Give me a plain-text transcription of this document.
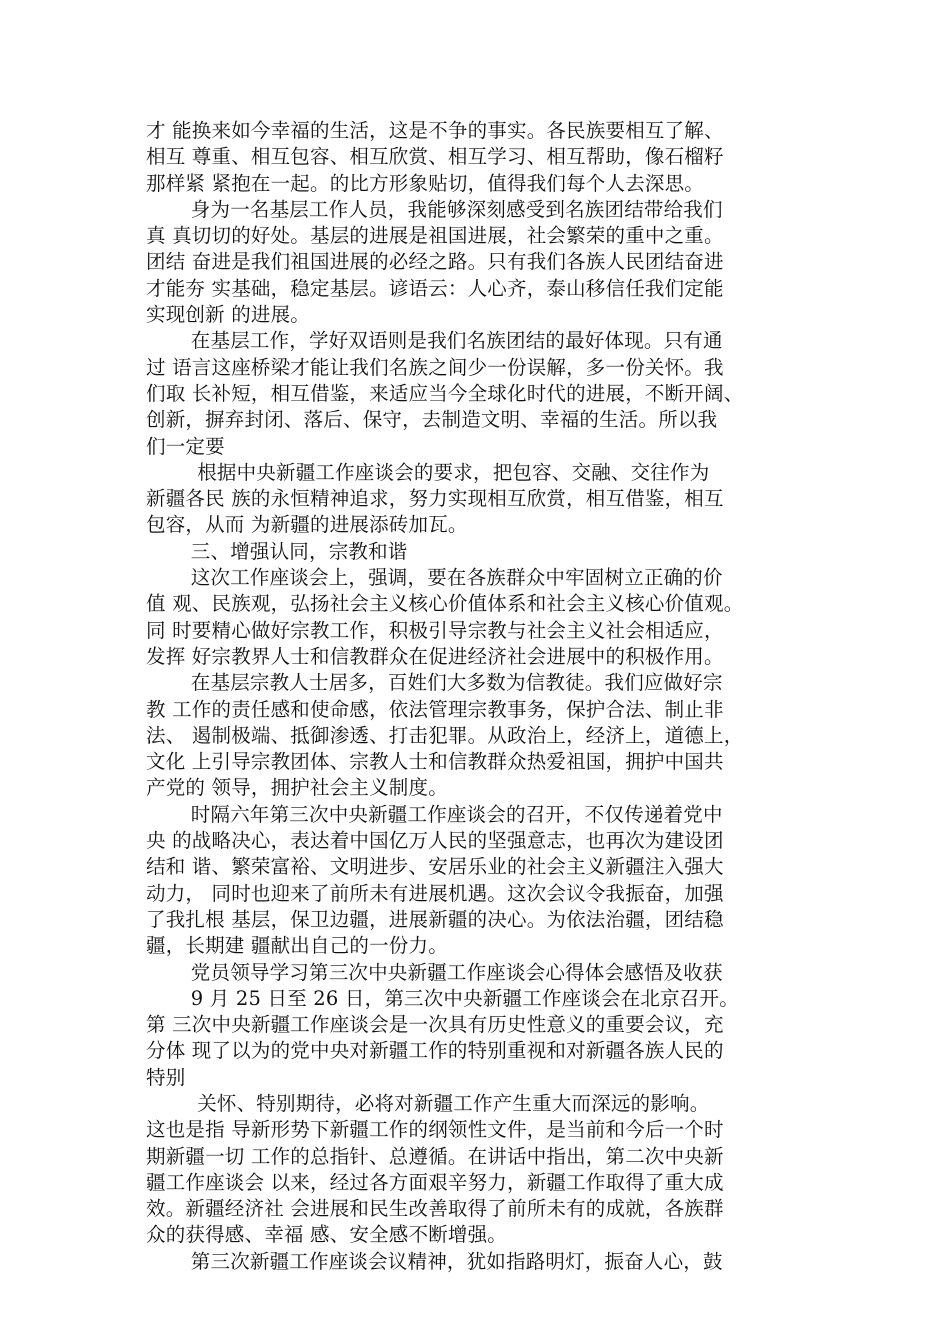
才 能换来如今幸福的生活，这是不争的事实。各民族要相互了解、
相互 尊重、相互包容、相互欣赏、相互学习、相互帮助，像石榴籽
那样紧 紧抱在一起。的比方形象贴切，值得我们每个人去深思。
身为一名基层工作人员，我能够深刻感受到名族团结带给我们
真 真切切的好处。基层的进展是祖国进展，社会繁荣的重中之重。
团结 奋进是我们祖国进展的必经之路。只有我们各族人民团结奋进
才能夯 实基础，稳定基层。谚语云：人心齐，泰山移信任我们定能
实现创新 的进展。
在基层工作，学好双语则是我们名族团结的最好体现。只有通
过 语言这座桥梁才能让我们名族之间少一份误解，多一份关怀。我
们取 长补短，相互借鉴，来适应当今全球化时代的进展，不断开阔、
创新，摒弃封闭、落后、保守，去制造文明、幸福的生活。所以我
们一定要
根据中央新疆工作座谈会的要求，把包容、交融、交往作为
新疆各民 族的永恒精神追求，努力实现相互欣赏，相互借鉴，相互
包容，从而 为新疆的进展添砖加瓦。
三、增强认同，宗教和谐
这次工作座谈会上，强调，要在各族群众中牢固树立正确的价
值 观、民族观，弘扬社会主义核心价值体系和社会主义核心价值观。
同 时要精心做好宗教工作，积极引导宗教与社会主义社会相适应，
发挥 好宗教界人士和信教群众在促进经济社会进展中的积极作用。
在基层宗教人士居多，百姓们大多数为信教徒。我们应做好宗
教 工作的责任感和使命感，依法管理宗教事务，保护合法、制止非
法、 遏制极端、抵御渗透、打击犯罪。从政治上，经济上，道德上，
文化 上引导宗教团体、宗教人士和信教群众热爱祖国，拥护中国共
产党的 领导，拥护社会主义制度。
时隔六年第三次中央新疆工作座谈会的召开，不仅传递着党中
央 的战略决心，表达着中国亿万人民的坚强意志，也再次为建设团
结和 谐、繁荣富裕、文明进步、安居乐业的社会主义新疆注入强大
动力， 同时也迎来了前所未有进展机遇。这次会议令我振奋，加强
了我扎根 基层，保卫边疆，进展新疆的决心。为依法治疆，团结稳
疆，长期建 疆献出自己的一份力。
党员领导学习第三次中央新疆工作座谈会心得体会感悟及收获
9 月 25 日至 26 日，第三次中央新疆工作座谈会在北京召开。
第 三次中央新疆工作座谈会是一次具有历史性意义的重要会议，充
分体 现了以为的党中央对新疆工作的特别重视和对新疆各族人民的
特别
关怀、特别期待，必将对新疆工作产生重大而深远的影响。
这也是指 导新形势下新疆工作的纲领性文件，是当前和今后一个时
期新疆一切 工作的总指针、总遵循。在讲话中指出，第二次中央新
疆工作座谈会 以来，经过各方面艰辛努力，新疆工作取得了重大成
效。新疆经济社 会进展和民生改善取得了前所未有的成就，各族群
众的获得感、幸福 感、安全感不断增强。
第三次新疆工作座谈会议精神，犹如指路明灯，振奋人心，鼓
